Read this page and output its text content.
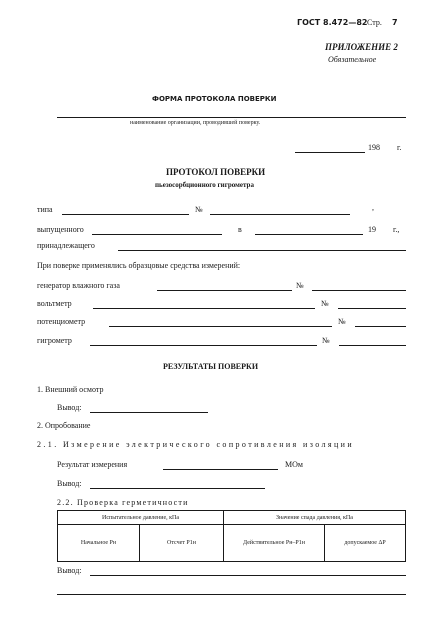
ГОСТ 8.472—82 Стр. 7
ПРИЛОЖЕНИЕ 2
Обязательное
ФОРМА ПРОТОКОЛА ПОВЕРКИ
наименование организации, проводившей поверку.
198 г.
ПРОТОКОЛ ПОВЕРКИ
пьезосорбционного гигрометра
типа	№	,
выпущенного	в	19 г.,
принадлежащего
При поверке применялись образцовые средства измерений:
генератор влажного газа	№
вольтметр	№
потенциометр	№
гигрометр	№
РЕЗУЛЬТАТЫ ПОВЕРКИ
1. Внешний осмотр
Вывод:
2. Опробование
2.1. Измерение электрического сопротивления изоляции
Результат измерения	МОм
Вывод:
2.2. Проверка герметичности
Испытательное давление, кПа		Значение спада давления, кПа	
Начальное Pн	Отсчет P1н	Действительное Pн–P1н	допускаемое ΔP
Вывод:
